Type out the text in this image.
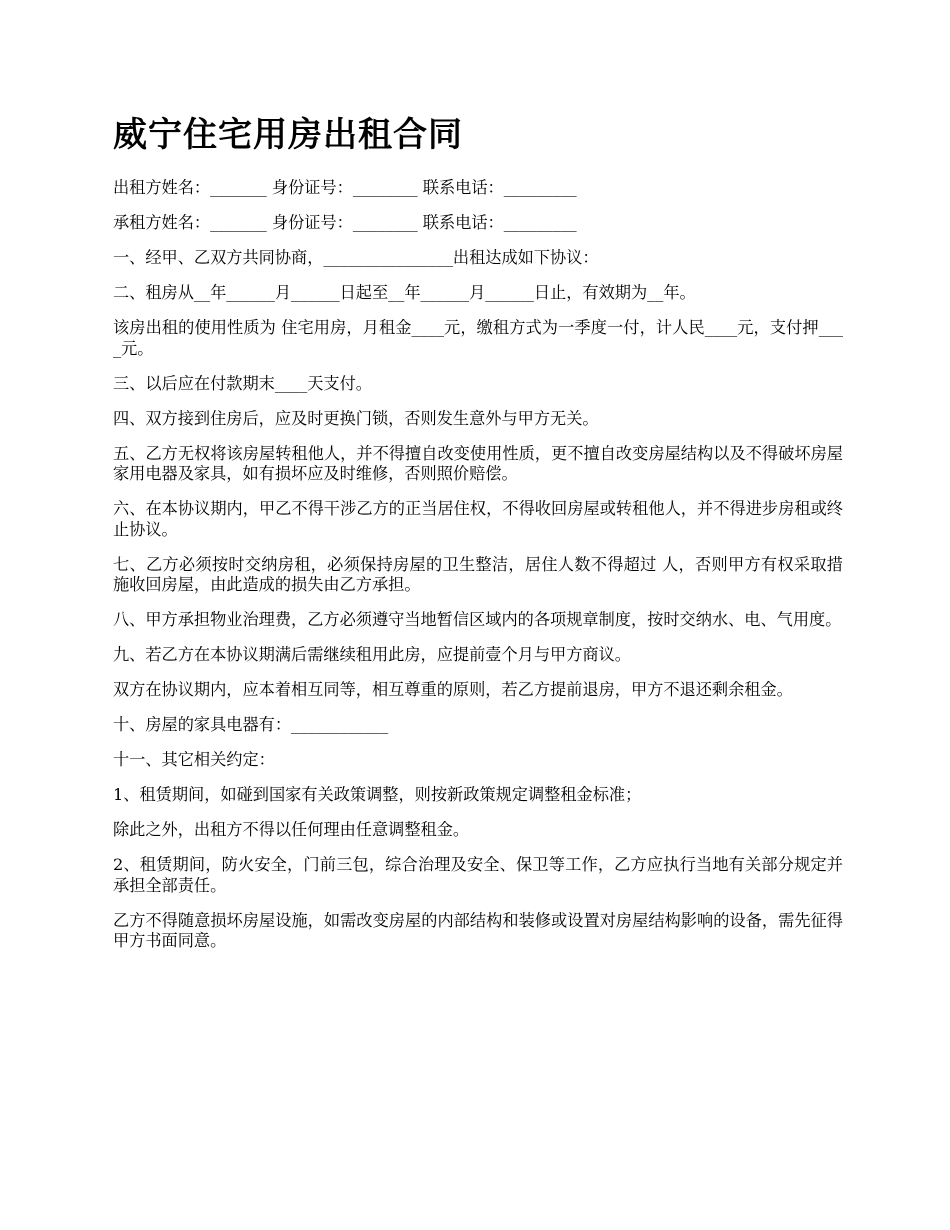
威宁住宅用房出租合同

出租方姓名：_______ 身份证号：________ 联系电话：_________

承租方姓名：_______ 身份证号：________ 联系电话：_________

一、经甲、乙双方共同协商，________________出租达成如下协议：

二、租房从__年______月______日起至__年______月______日止，有效期为__年。

该房出租的使用性质为 住宅用房，月租金____元，缴租方式为一季度一付，计人民____元，支付押____元。

三、以后应在付款期末____天支付。

四、双方接到住房后，应及时更换门锁，否则发生意外与甲方无关。

五、乙方无权将该房屋转租他人，并不得擅自改变使用性质，更不擅自改变房屋结构以及不得破坏房屋家用电器及家具，如有损坏应及时维修，否则照价赔偿。

六、在本协议期内，甲乙不得干涉乙方的正当居住权，不得收回房屋或转租他人，并不得进步房租或终止协议。

七、乙方必须按时交纳房租，必须保持房屋的卫生整洁，居住人数不得超过 人，否则甲方有权采取措施收回房屋，由此造成的损失由乙方承担。

八、甲方承担物业治理费，乙方必须遵守当地暂信区域内的各项规章制度，按时交纳水、电、气用度。

九、若乙方在本协议期满后需继续租用此房，应提前壹个月与甲方商议。

双方在协议期内，应本着相互同等，相互尊重的原则，若乙方提前退房，甲方不退还剩余租金。

十、房屋的家具电器有：____________

十一、其它相关约定：

1、租赁期间，如碰到国家有关政策调整，则按新政策规定调整租金标准；

除此之外，出租方不得以任何理由任意调整租金。

2、租赁期间，防火安全，门前三包，综合治理及安全、保卫等工作，乙方应执行当地有关部分规定并承担全部责任。

乙方不得随意损坏房屋设施，如需改变房屋的内部结构和装修或设置对房屋结构影响的设备，需先征得甲方书面同意。
